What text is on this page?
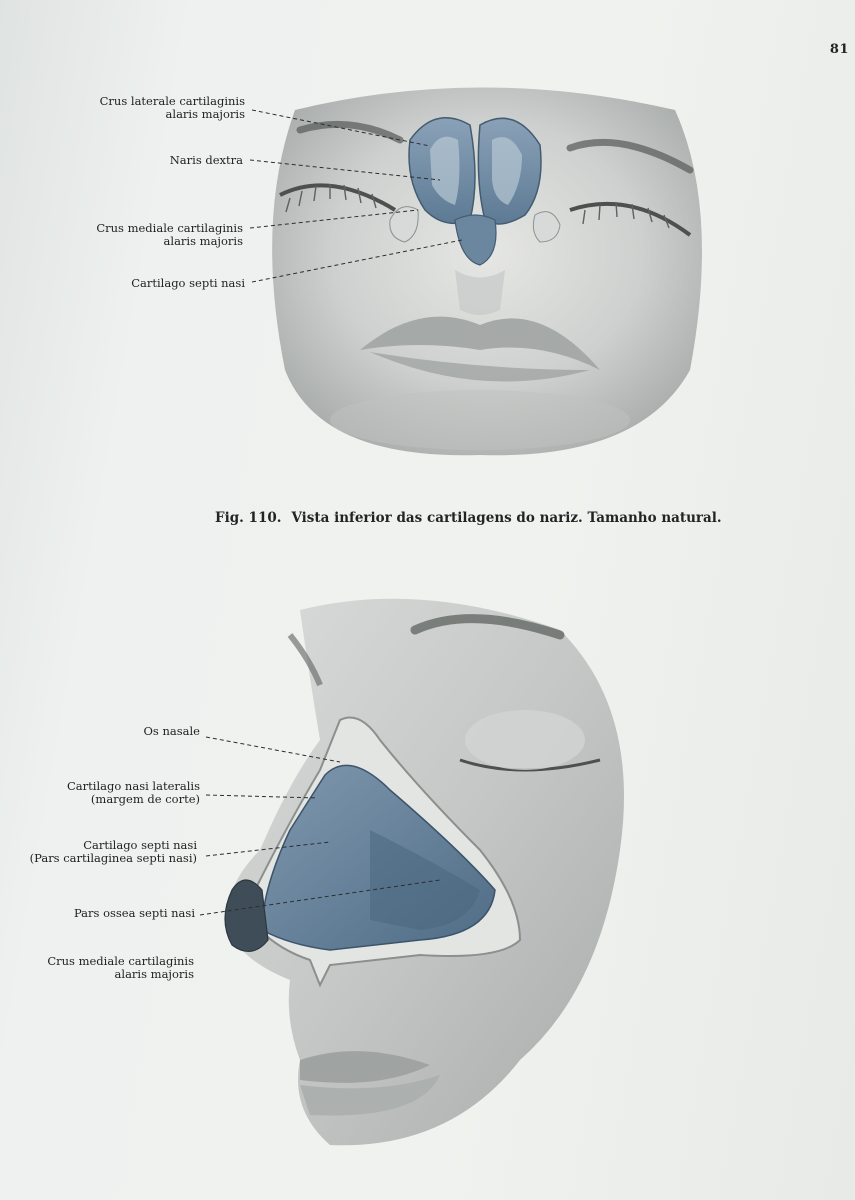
81
Crus laterale cartilaginis
alaris majoris
Naris dextra
Crus mediale cartilaginis
alaris majoris
Cartilago septi nasi
Fig. 110. Vista inferior das cartilagens do nariz. Tamanho natural.
Os nasale
Cartilago nasi lateralis
(margem de corte)
Cartilago septi nasi
(Pars cartilaginea septi nasi)
Pars ossea septi nasi
Crus mediale cartilaginis
alaris majoris
